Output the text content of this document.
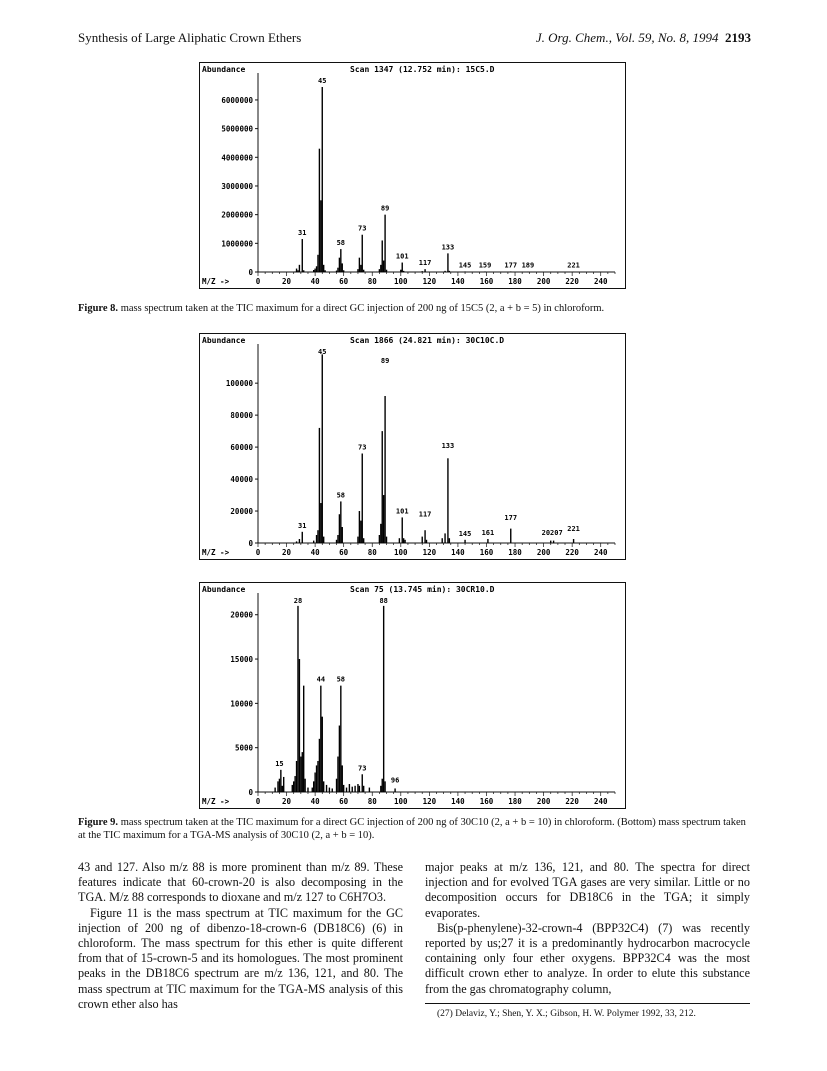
Synthesis of Large Aliphatic Crown Ethers	J. Org. Chem., Vol. 59, No. 8, 1994 2193
Abundance	Scan 1347 (12.752 min): 15C5.D
0
1000000
2000000
3000000
4000000
5000000
6000000
0	20	40	60	80 100 120 140 160 180 200 220 240
M/Z ->
31
45
58
73
89
101
117
133
145 159 177 189	221
Figure 8. mass spectrum taken at the TIC maximum for a direct GC injection of 200 ng of 15C5 (2, a + b = 5) in chloroform.
Abundance	Scan 1866 (24.821 min): 30C10C.D
0
20000
40000
60000
80000
100000
0	20	40	60	80 100 120 140 160 180 200 220 240
M/Z ->
31
45
58
73
89
101 117
133
145 161
177
20207 221
Abundance	Scan 75 (13.745 min): 30CR10.D
0
5000
10000
15000
20000
0	20	40	60	80 100 120 140 160 180 200 220 240
M/Z ->
15
28
44 58
73
88
96
Figure 9. mass spectrum taken at the TIC maximum for a direct GC injection of 200 ng of 30C10 (2, a + b = 10) in chloroform. (Bottom) mass spectrum taken at the TIC maximum for a TGA-MS analysis of 30C10 (2, a + b = 10).

43 and 127. Also m/z 88 is more prominent than m/z 89. These features indicate that 60-crown-20 is also decomposing in the TGA. M/z 88 corresponds to dioxane and m/z 127 to C6H7O3.

Figure 11 is the mass spectrum at TIC maximum for the GC injection of 200 ng of dibenzo-18-crown-6 (DB18C6) (6) in chloroform. The mass spectrum for this ether is quite different from that of 15-crown-5 and its homologues. The most prominent peaks in the DB18C6 spectrum are m/z 136, 121, and 80. The mass spectrum at TIC maximum for the TGA-MS analysis of this crown ether also has

major peaks at m/z 136, 121, and 80. The spectra for direct injection and for evolved TGA gases are very similar. Little or no decomposition occurs for DB18C6 in the TGA; it simply evaporates.

Bis(p-phenylene)-32-crown-4 (BPP32C4) (7) was recently reported by us;27 it is a predominantly hydrocarbon macrocycle containing only four ether oxygens. BPP32C4 was the most difficult crown ether to analyze. In order to elute this substance from the gas chromatography column,

(27) Delaviz, Y.; Shen, Y. X.; Gibson, H. W. Polymer 1992, 33, 212.
